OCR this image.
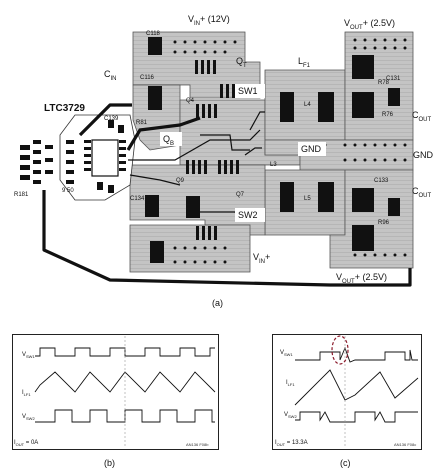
$V_{IN}+ (12V)$	$V_{OUT}+ (2.5V)$
$C_{IN}$
$Q_T$	$L_{F1}$
LTC3729
SW1
$Q_B$
$C_{OUT}$
GND
GND
$C_{OUT}$
SW2
$V_{IN}+$
$V_{OUT}+ (2.5V)$
C118
C116
Q4
L4
L5
R78
R76
C131
C139
R81
C133
R96
C134
Q9
Q7
R181
9 50
L3
(a)
$V_{SW1}$
$I_{LF1}$
$V_{SW2}$
$I_{OUT} = 0A$	AN136 F08b
(b)
$V_{SW1}$
$I_{LF1}$
$V_{SW2}$
$I_{OUT} = 13.3A$	AN136 F08c
(c)
